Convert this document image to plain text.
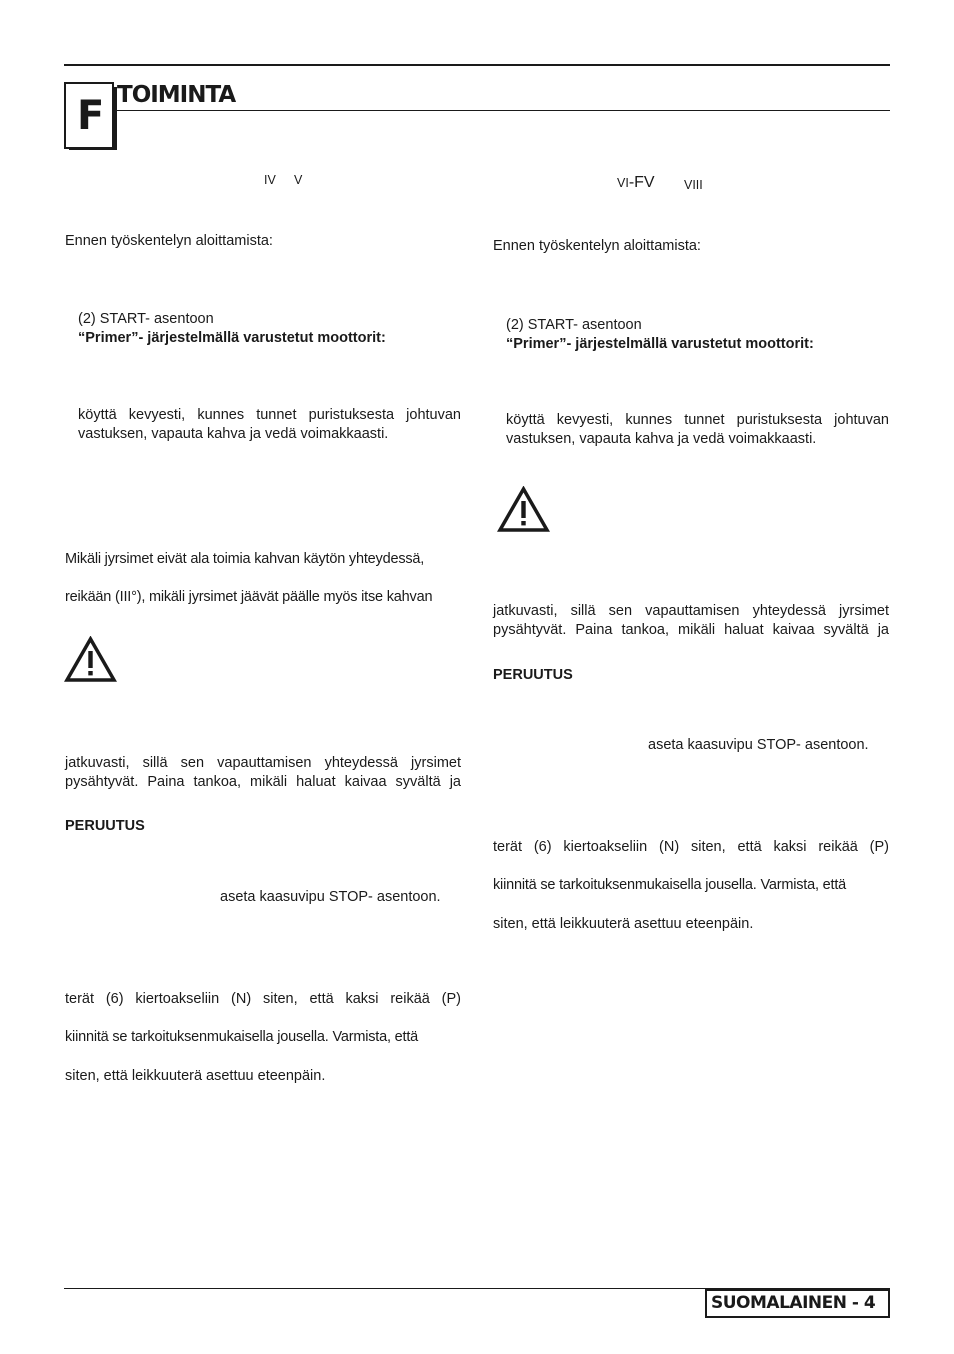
F TOIMINTA
IV V
Ennen työskentelyn aloittamista:
(2) START- asentoon
“Primer”- järjestelmällä varustetut moottorit:
köyttä kevyesti, kunnes tunnet puristuksesta johtuvan
vastuksen, vapauta kahva ja vedä voimakkaasti.
Mikäli jyrsimet eivät ala toimia kahvan käytön yhteydessä,
reikään (III°), mikäli jyrsimet jäävät päälle myös itse kahvan
jatkuvasti, sillä sen vapauttamisen yhteydessä jyrsimet
pysähtyvät. Paina tankoa, mikäli haluat kaivaa syvältä ja
PERUUTUS
aseta kaasuvipu STOP- asentoon.
terät (6) kiertoakseliin (N) siten, että kaksi reikää (P)
kiinnitä se tarkoituksenmukaisella jousella. Varmista, että
siten, että leikkuuterä asettuu eteenpäin.
VI-FV VIII
Ennen työskentelyn aloittamista:
(2) START- asentoon
“Primer”- järjestelmällä varustetut moottorit:
köyttä kevyesti, kunnes tunnet puristuksesta johtuvan
vastuksen, vapauta kahva ja vedä voimakkaasti.
jatkuvasti, sillä sen vapauttamisen yhteydessä jyrsimet
pysähtyvät. Paina tankoa, mikäli haluat kaivaa syvältä ja
PERUUTUS
aseta kaasuvipu STOP- asentoon.
terät (6) kiertoakseliin (N) siten, että kaksi reikää (P)
kiinnitä se tarkoituksenmukaisella jousella. Varmista, että
siten, että leikkuuterä asettuu eteenpäin.
SUOMALAINEN - 4
